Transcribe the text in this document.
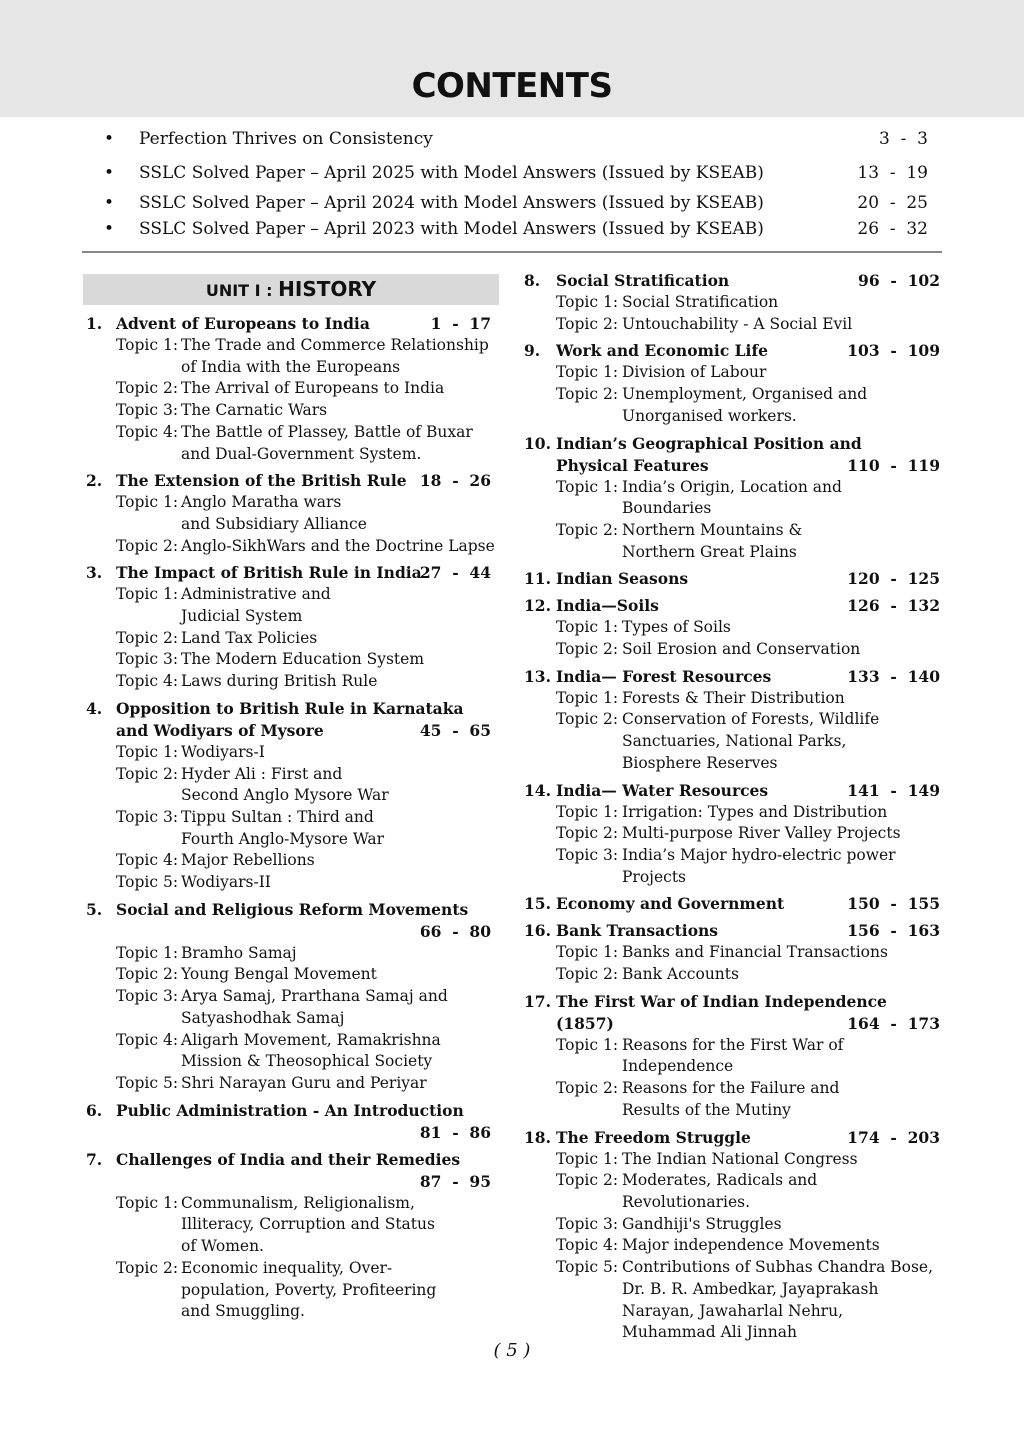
CONTENTS
•	Perfection Thrives on Consistency	3  -  3
•	SSLC Solved Paper – April 2025 with Model Answers (Issued by KSEAB)	13  -  19
•	SSLC Solved Paper – April 2024 with Model Answers (Issued by KSEAB)	20  -  25
•	SSLC Solved Paper – April 2023 with Model Answers (Issued by KSEAB)	26  -  32
UNIT I : HISTORY
1. Advent of Europeans to India	1  -  17
Topic 1: The Trade and Commerce Relationship
of India with the Europeans
Topic 2: The Arrival of Europeans to India
Topic 3: The Carnatic Wars
Topic 4: The Battle of Plassey, Battle of Buxar
and Dual-Government System.
2. The Extension of the British Rule 18  -  26
Topic 1: Anglo Maratha wars
and Subsidiary Alliance
Topic 2: Anglo-SikhWars and the Doctrine Lapse
3. The Impact of British Rule in India
27  -  44
Topic 1: Administrative and
Judicial System
Topic 2: Land Tax Policies
Topic 3: The Modern Education System
Topic 4: Laws during British Rule
4. Opposition to British Rule in Karnataka
and Wodiyars of Mysore	45  -  65
Topic 1: Wodiyars-I
Topic 2: Hyder Ali : First and
Second Anglo Mysore War
Topic 3: Tippu Sultan : Third and
Fourth Anglo-Mysore War
Topic 4: Major Rebellions
Topic 5: Wodiyars-II
5. Social and Religious Reform Movements
66  -  80
Topic 1: Bramho Samaj
Topic 2: Young Bengal Movement
Topic 3: Arya Samaj, Prarthana Samaj and
Satyashodhak Samaj
Topic 4: Aligarh Movement, Ramakrishna
Mission & Theosophical Society
Topic 5: Shri Narayan Guru and Periyar
6. Public Administration - An Introduction
81  -  86
7. Challenges of India and their Remedies
87  -  95
Topic 1: Communalism, Religionalism,
Illiteracy, Corruption and Status
of Women.
Topic 2: Economic inequality, Over-
population, Poverty, Profiteering
and Smuggling.
8. Social Stratification	96  -  102
Topic 1: Social Stratification
Topic 2: Untouchability - A Social Evil
9. Work and Economic Life	103  -  109
Topic 1: Division of Labour
Topic 2: Unemployment, Organised and
Unorganised workers.
10. Indian’s Geographical Position and
Physical Features	110  -  119
Topic 1: India’s Origin, Location and
Boundaries
Topic 2: Northern Mountains &
Northern Great Plains
11. Indian Seasons	120  -  125
12. India—Soils	126  -  132
Topic 1: Types of Soils
Topic 2: Soil Erosion and Conservation
13. India— Forest Resources	133  -  140
Topic 1: Forests & Their Distribution
Topic 2: Conservation of Forests, Wildlife
Sanctuaries, National Parks,
Biosphere Reserves
14. India— Water Resources	141  -  149
Topic 1: Irrigation: Types and Distribution
Topic 2: Multi-purpose River Valley Projects
Topic 3: India’s Major hydro-electric power
Projects
15. Economy and Government	150  -  155
16. Bank Transactions	156  -  163
Topic 1: Banks and Financial Transactions
Topic 2: Bank Accounts
17. The First War of Indian Independence
(1857)	164  -  173
Topic 1: Reasons for the First War of
Independence
Topic 2: Reasons for the Failure and
Results of the Mutiny
18. The Freedom Struggle	174  -  203
Topic 1: The Indian National Congress
Topic 2: Moderates, Radicals and
Revolutionaries.
Topic 3: Gandhiji's Struggles
Topic 4: Major independence Movements
Topic 5: Contributions of Subhas Chandra Bose,
Dr. B. R. Ambedkar, Jayaprakash
Narayan, Jawaharlal Nehru,
Muhammad Ali Jinnah
( 5 )
